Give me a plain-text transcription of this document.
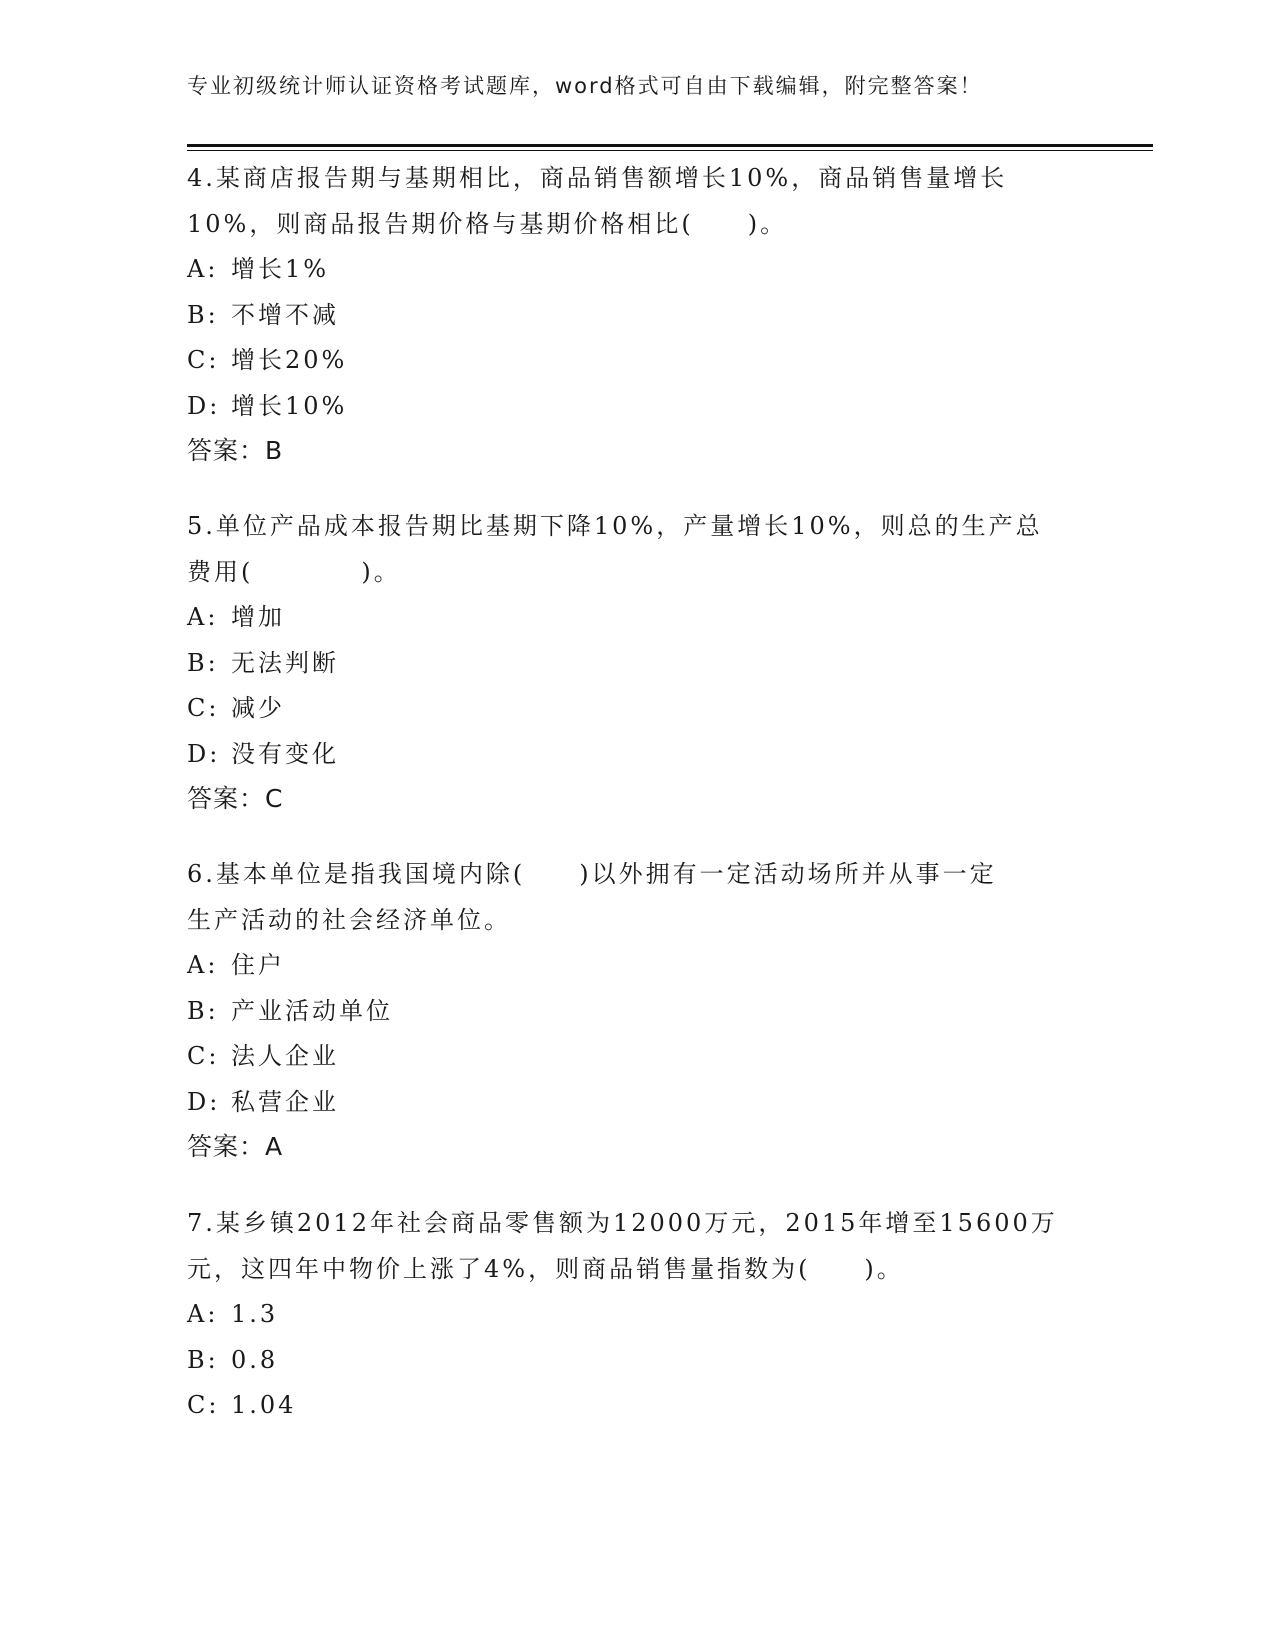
专业初级统计师认证资格考试题库，word格式可自由下载编辑，附完整答案！
4.某商店报告期与基期相比，商品销售额增长10%，商品销售量增长
10%，则商品报告期价格与基期价格相比(　　)。
A: 增长1%
B: 不增不减
C: 增长20%
D: 增长10%
答案：B
5.单位产品成本报告期比基期下降10%，产量增长10%，则总的生产总
费用(　　　　)。
A: 增加
B: 无法判断
C: 减少
D: 没有变化
答案：C
6.基本单位是指我国境内除(　　)以外拥有一定活动场所并从事一定
生产活动的社会经济单位。
A: 住户
B: 产业活动单位
C: 法人企业
D: 私营企业
答案：A
7.某乡镇2012年社会商品零售额为12000万元，2015年增至15600万
元，这四年中物价上涨了4%，则商品销售量指数为(　　)。
A: 1.3
B: 0.8
C: 1.04
